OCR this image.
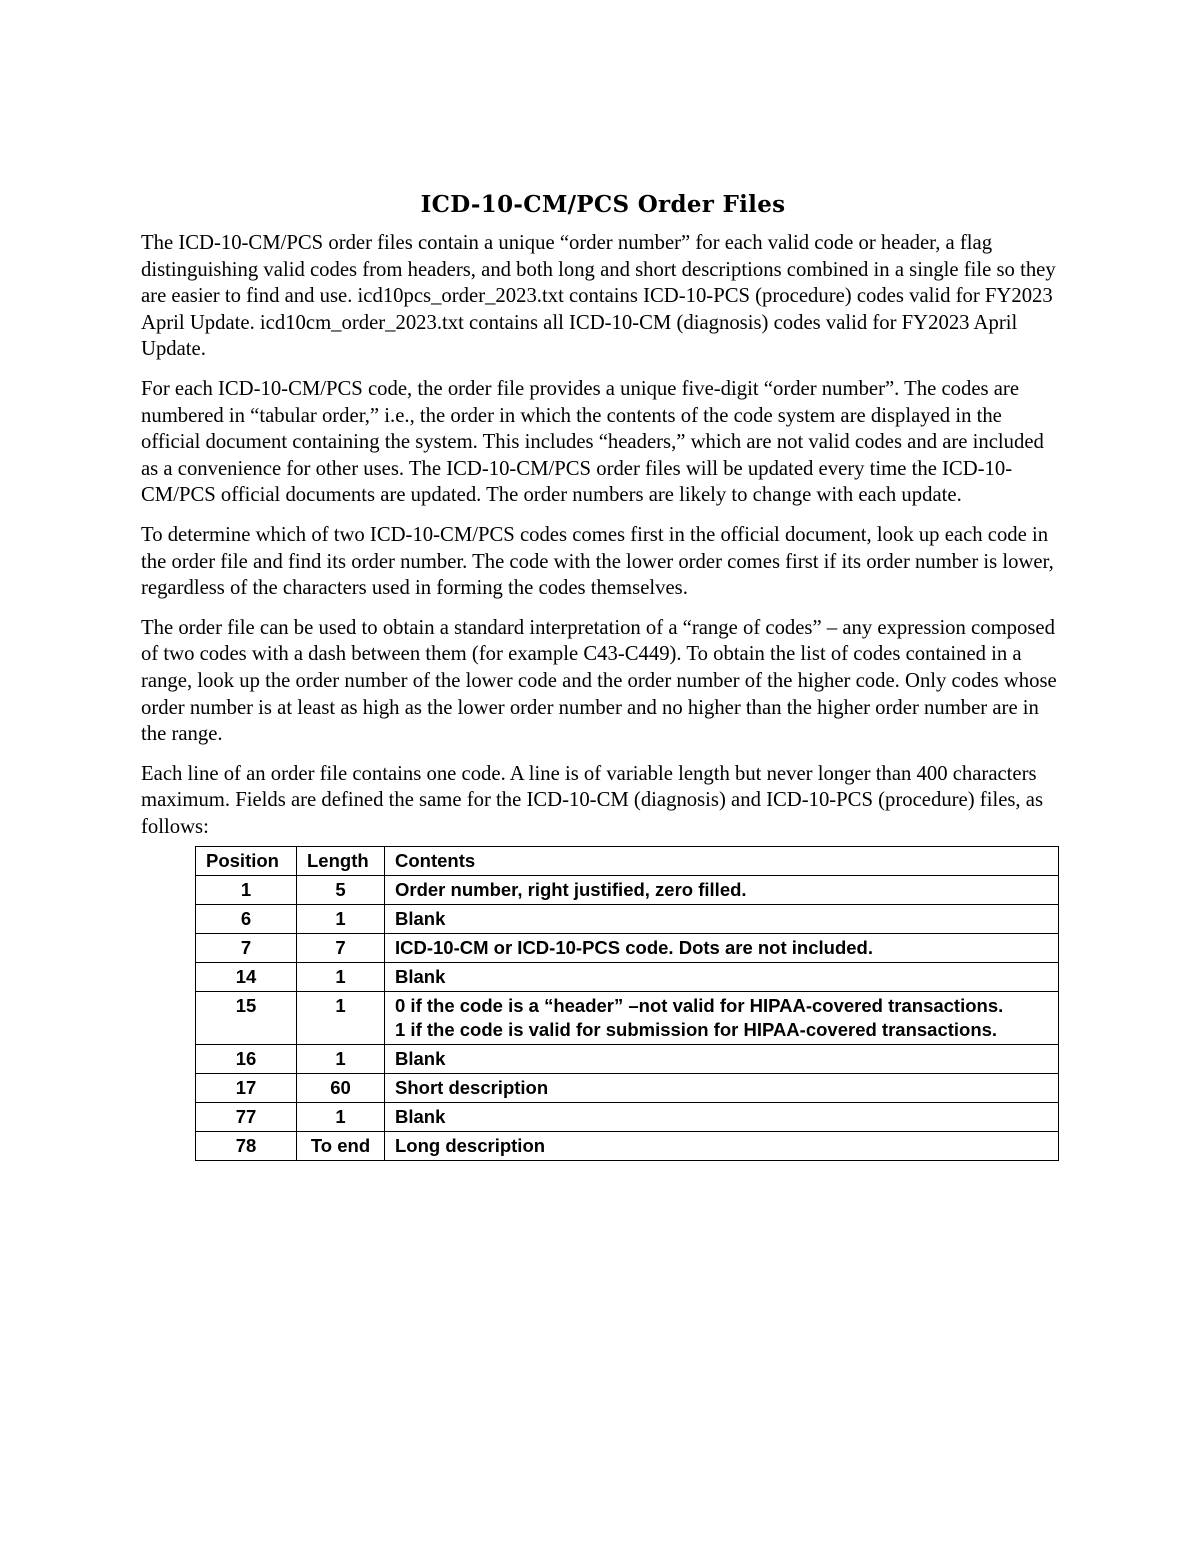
ICD-10-CM/PCS Order Files

The ICD-10-CM/PCS order files contain a unique “order number” for each valid code or header, a flag distinguishing valid codes from headers, and both long and short descriptions combined in a single file so they are easier to find and use. icd10pcs_order_2023.txt contains ICD-10-PCS (procedure) codes valid for FY2023 April Update. icd10cm_order_2023.txt contains all ICD-10-CM (diagnosis) codes valid for FY2023 April Update.

For each ICD-10-CM/PCS code, the order file provides a unique five-digit “order number”. The codes are numbered in “tabular order,” i.e., the order in which the contents of the code system are displayed in the official document containing the system. This includes “headers,” which are not valid codes and are included as a convenience for other uses. The ICD-10-CM/PCS order files will be updated every time the ICD-10-CM/PCS official documents are updated. The order numbers are likely to change with each update.

To determine which of two ICD-10-CM/PCS codes comes first in the official document, look up each code in the order file and find its order number. The code with the lower order comes first if its order number is lower, regardless of the characters used in forming the codes themselves.

The order file can be used to obtain a standard interpretation of a “range of codes” – any expression composed of two codes with a dash between them (for example C43-C449). To obtain the list of codes contained in a range, look up the order number of the lower code and the order number of the higher code. Only codes whose order number is at least as high as the lower order number and no higher than the higher order number are in the range.

Each line of an order file contains one code. A line is of variable length but never longer than 400 characters maximum. Fields are defined the same for the ICD-10-CM (diagnosis) and ICD-10-PCS (procedure) files, as follows:

Position	Length	Contents
1	5	Order number, right justified, zero filled.

6	1	Blank

7	7	ICD-10-CM or ICD-10-PCS code. Dots are not included.

14	1	Blank

15	1	0 if the code is a “header” –not valid for HIPAA-covered transactions.
1 if the code is valid for submission for HIPAA-covered transactions.

16	1	Blank

17	60	Short description

77	1	Blank

78	To end	Long description
